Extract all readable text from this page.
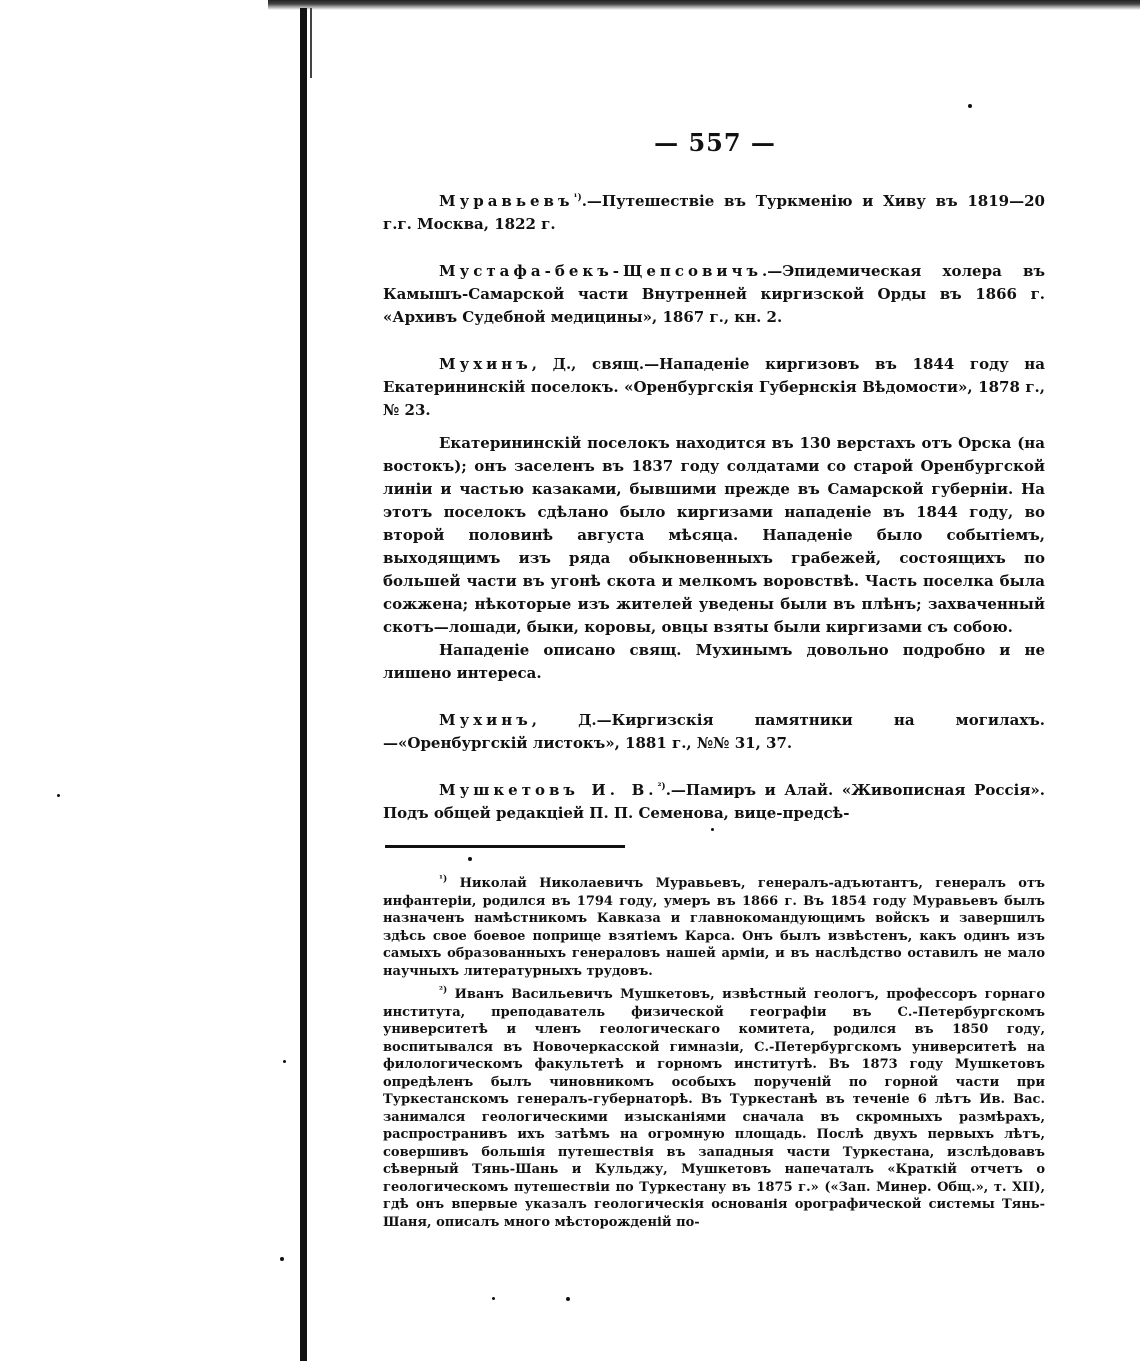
— 557 —

Муравьевъ$^{^1)}$.—Путешествіе въ Туркменію и Хиву въ 1819—20 г.г. Москва, 1822 г.

Мустафа-бекъ-Щепсовичъ.—Эпидемическая холера въ Камышъ-Самарской части Внутренней киргизской Орды въ 1866 г. «Архивъ Судебной медицины», 1867 г., кн. 2.

Мухинъ, Д., свящ.—Нападеніе киргизовъ въ 1844 году на Екатерининскій поселокъ. «Оренбургскія Губернскія Вѣдомости», 1878 г., № 23.

Екатерининскій поселокъ находится въ 130 верстахъ отъ Орска (на востокъ); онъ заселенъ въ 1837 году солдатами со старой Оренбургской линіи и частью казаками, бывшими прежде въ Самарской губерніи. На этотъ поселокъ сдѣлано было киргизами нападеніе въ 1844 году, во второй половинѣ августа мѣсяца. Нападеніе было событіемъ, выходящимъ изъ ряда обыкновенныхъ грабежей, состоящихъ по большей части въ угонѣ скота и мелкомъ воровствѣ. Часть поселка была сожжена; нѣкоторые изъ жителей уведены были въ плѣнъ; захваченный скотъ—лошади, быки, коровы, овцы взяты были киргизами съ собою.

Нападеніе описано свящ. Мухинымъ довольно подробно и не лишено интереса.

Мухинъ, Д.—Киргизскія памятники на могилахъ.—«Оренбургскій листокъ», 1881 г., №№ 31, 37.

Мушкетовъ И. В.$^{^2)}$.—Памиръ и Алай. «Живописная Россія». Подъ общей редакціей П. П. Семенова, вице-предсѣ-

$^{^1)}$ Николай Николаевичъ Муравьевъ, генералъ-адъютантъ, генералъ отъ инфантеріи, родился въ 1794 году, умеръ въ 1866 г. Въ 1854 году Муравьевъ былъ назначенъ намѣстникомъ Кавказа и главнокомандующимъ войскъ и завершилъ здѣсь свое боевое поприще взятіемъ Карса. Онъ былъ извѣстенъ, какъ одинъ изъ самыхъ образованныхъ генераловъ нашей арміи, и въ наслѣдство оставилъ не мало научныхъ литературныхъ трудовъ.

$^{^2)}$ Иванъ Васильевичъ Мушкетовъ, извѣстный геологъ, профессоръ горнаго института, преподаватель физической географіи въ С.-Петербургскомъ университетѣ и членъ геологическаго комитета, родился въ 1850 году, воспитывался въ Новочеркасской гимназіи, С.-Петербургскомъ университетѣ на филологическомъ факультетѣ и горномъ институтѣ. Въ 1873 году Мушкетовъ опредѣленъ былъ чиновникомъ особыхъ порученій по горной части при Туркестанскомъ генералъ-губернаторѣ. Въ Туркестанѣ въ теченіе 6 лѣтъ Ив. Вас. занимался геологическими изысканіями сначала въ скромныхъ размѣрахъ, распространивъ ихъ затѣмъ на огромную площадь. Послѣ двухъ первыхъ лѣтъ, совершивъ большія путешествія въ западныя части Туркестана, изслѣдовавъ сѣверный Тянь-Шань и Кульджу, Мушкетовъ напечаталъ «Краткій отчетъ о геологическомъ путешествіи по Туркестану въ 1875 г.» («Зап. Минер. Общ.», т. XII), гдѣ онъ впервые указалъ геологическія основанія орографической системы Тянь-Шаня, описалъ много мѣсторожденій по-
